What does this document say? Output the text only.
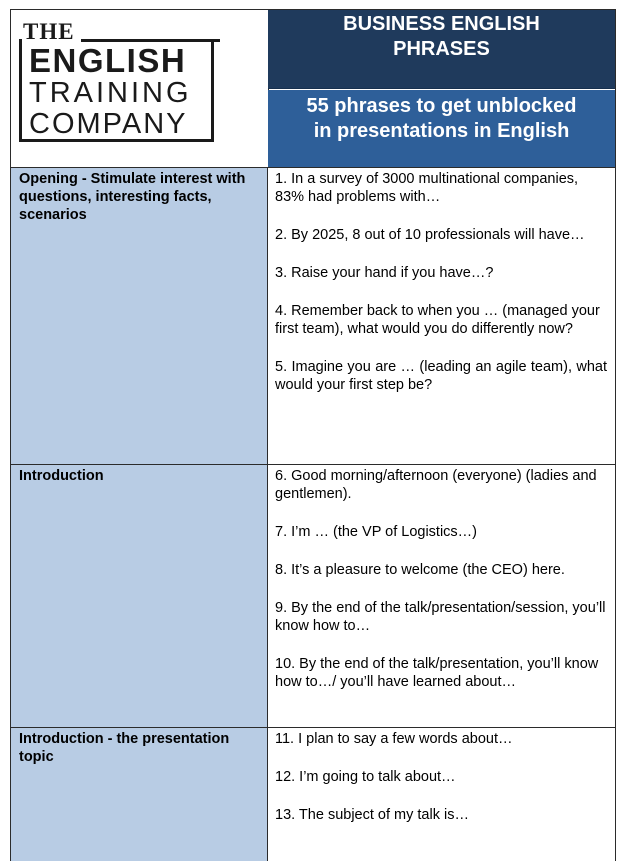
THE
ENGLISH
TRAINING
COMPANY
BUSINESS ENGLISH
PHRASES
55 phrases to get unblocked
in presentations in English
Opening - Stimulate interest with questions, interesting facts, scenarios

1. In a survey of 3000 multinational companies, 83% had problems with…

2. By 2025, 8 out of 10 professionals will have…

3. Raise your hand if you have…?

4. Remember back to when you … (managed your first team), what would you do differently now?

5. Imagine you are … (leading an agile team), what would your first step be?

Introduction	6. Good morning/afternoon (everyone) (ladies and gentlemen).

7. I’m … (the VP of Logistics…)

8. It’s a pleasure to welcome (the CEO) here.

9. By the end of the talk/presentation/session, you’ll know how to…

10. By the end of the talk/presentation, you’ll know how to…/ you’ll have learned about…

Introduction - the presentation topic

11. I plan to say a few words about…

12. I’m going to talk about…

13. The subject of my talk is…
